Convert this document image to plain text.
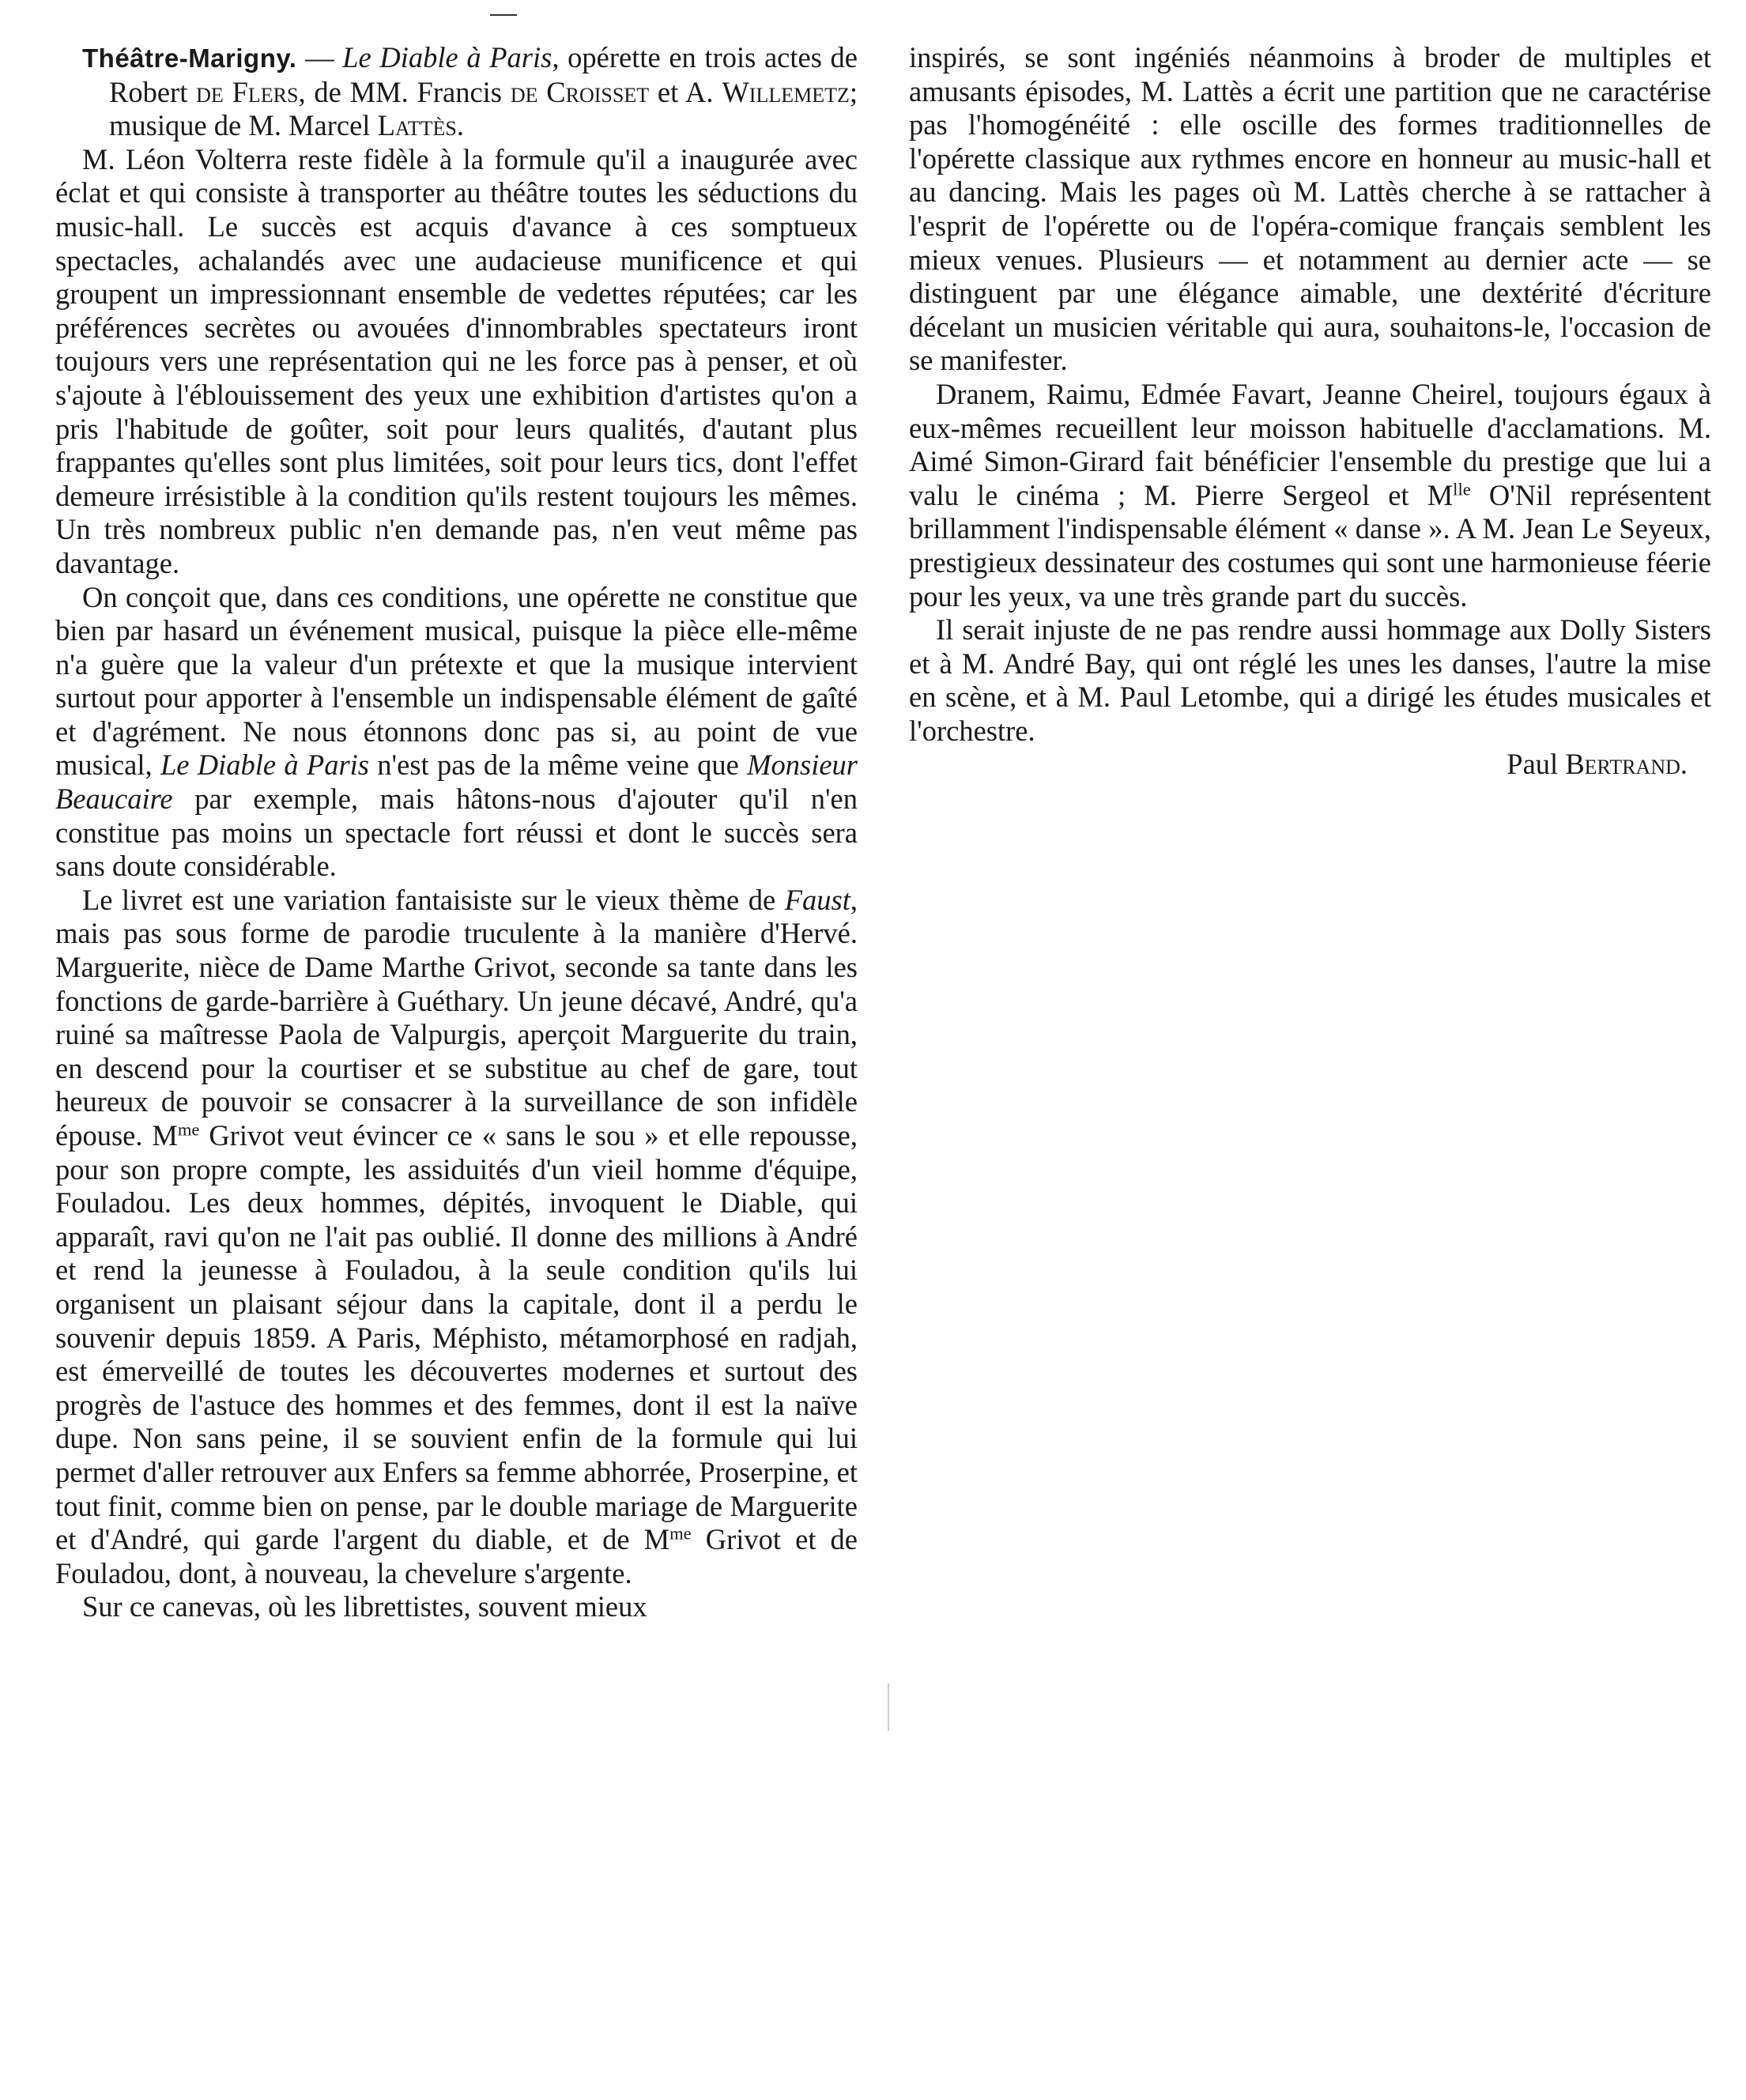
Théâtre-Marigny. — Le Diable à Paris, opérette en trois actes de Robert de Flers, de MM. Francis de Croisset et A. Willemetz; musique de M. Marcel Lattès.

M. Léon Volterra reste fidèle à la formule qu'il a inaugurée avec éclat et qui consiste à transporter au théâtre toutes les séductions du music-hall. Le succès est acquis d'avance à ces somptueux spectacles, achalandés avec une audacieuse munificence et qui groupent un impressionnant ensemble de vedettes réputées; car les préférences secrètes ou avouées d'innombrables spectateurs iront toujours vers une représentation qui ne les force pas à penser, et où s'ajoute à l'éblouissement des yeux une exhibition d'artistes qu'on a pris l'habitude de goûter, soit pour leurs qualités, d'autant plus frappantes qu'elles sont plus limitées, soit pour leurs tics, dont l'effet demeure irrésistible à la condition qu'ils restent toujours les mêmes. Un très nombreux public n'en demande pas, n'en veut même pas davantage.

On conçoit que, dans ces conditions, une opérette ne constitue que bien par hasard un événement musical, puisque la pièce elle-même n'a guère que la valeur d'un prétexte et que la musique intervient surtout pour apporter à l'ensemble un indispensable élément de gaîté et d'agrément. Ne nous étonnons donc pas si, au point de vue musical, Le Diable à Paris n'est pas de la même veine que Monsieur Beaucaire par exemple, mais hâtons-nous d'ajouter qu'il n'en constitue pas moins un spectacle fort réussi et dont le succès sera sans doute considérable.

Le livret est une variation fantaisiste sur le vieux thème de Faust, mais pas sous forme de parodie truculente à la manière d'Hervé. Marguerite, nièce de Dame Marthe Grivot, seconde sa tante dans les fonctions de garde-barrière à Guéthary. Un jeune décavé, André, qu'a ruiné sa maîtresse Paola de Valpurgis, aperçoit Marguerite du train, en descend pour la courtiser et se substitue au chef de gare, tout heureux de pouvoir se consacrer à la surveillance de son infidèle épouse. $M^{me}$ Grivot veut évincer ce « sans le sou » et elle repousse, pour son propre compte, les assiduités d'un vieil homme d'équipe, Fouladou. Les deux hommes, dépités, invoquent le Diable, qui apparaît, ravi qu'on ne l'ait pas oublié. Il donne des millions à André et rend la jeunesse à Fouladou, à la seule condition qu'ils lui organisent un plaisant séjour dans la capitale, dont il a perdu le souvenir depuis 1859. A Paris, Méphisto, métamorphosé en radjah, est émerveillé de toutes les découvertes modernes et surtout des progrès de l'astuce des hommes et des femmes, dont il est la naïve dupe. Non sans peine, il se souvient enfin de la formule qui lui permet d'aller retrouver aux Enfers sa femme abhorrée, Proserpine, et tout finit, comme bien on pense, par le double mariage de Marguerite et d'André, qui garde l'argent du diable, et de $M^{me}$ Grivot et de Fouladou, dont, à nouveau, la chevelure s'argente.

Sur ce canevas, où les librettistes, souvent mieux

inspirés, se sont ingéniés néanmoins à broder de multiples et amusants épisodes, M. Lattès a écrit une partition que ne caractérise pas l'homogénéité : elle oscille des formes traditionnelles de l'opérette classique aux rythmes encore en honneur au music-hall et au dancing. Mais les pages où M. Lattès cherche à se rattacher à l'esprit de l'opérette ou de l'opéra-comique français semblent les mieux venues. Plusieurs — et notamment au dernier acte — se distinguent par une élégance aimable, une dextérité d'écriture décelant un musicien véritable qui aura, souhaitons-le, l'occasion de se manifester.

Dranem, Raimu, Edmée Favart, Jeanne Cheirel, toujours égaux à eux-mêmes recueillent leur moisson habituelle d'acclamations. M. Aimé Simon-Girard fait bénéficier l'ensemble du prestige que lui a valu le cinéma ; M. Pierre Sergeol et $M^{lle}$ O'Nil représentent brillamment l'indispensable élément « danse ». A M. Jean Le Seyeux, prestigieux dessinateur des costumes qui sont une harmonieuse féerie pour les yeux, va une très grande part du succès.

Il serait injuste de ne pas rendre aussi hommage aux Dolly Sisters et à M. André Bay, qui ont réglé les unes les danses, l'autre la mise en scène, et à M. Paul Letombe, qui a dirigé les études musicales et l'orchestre.

Paul Bertrand.
